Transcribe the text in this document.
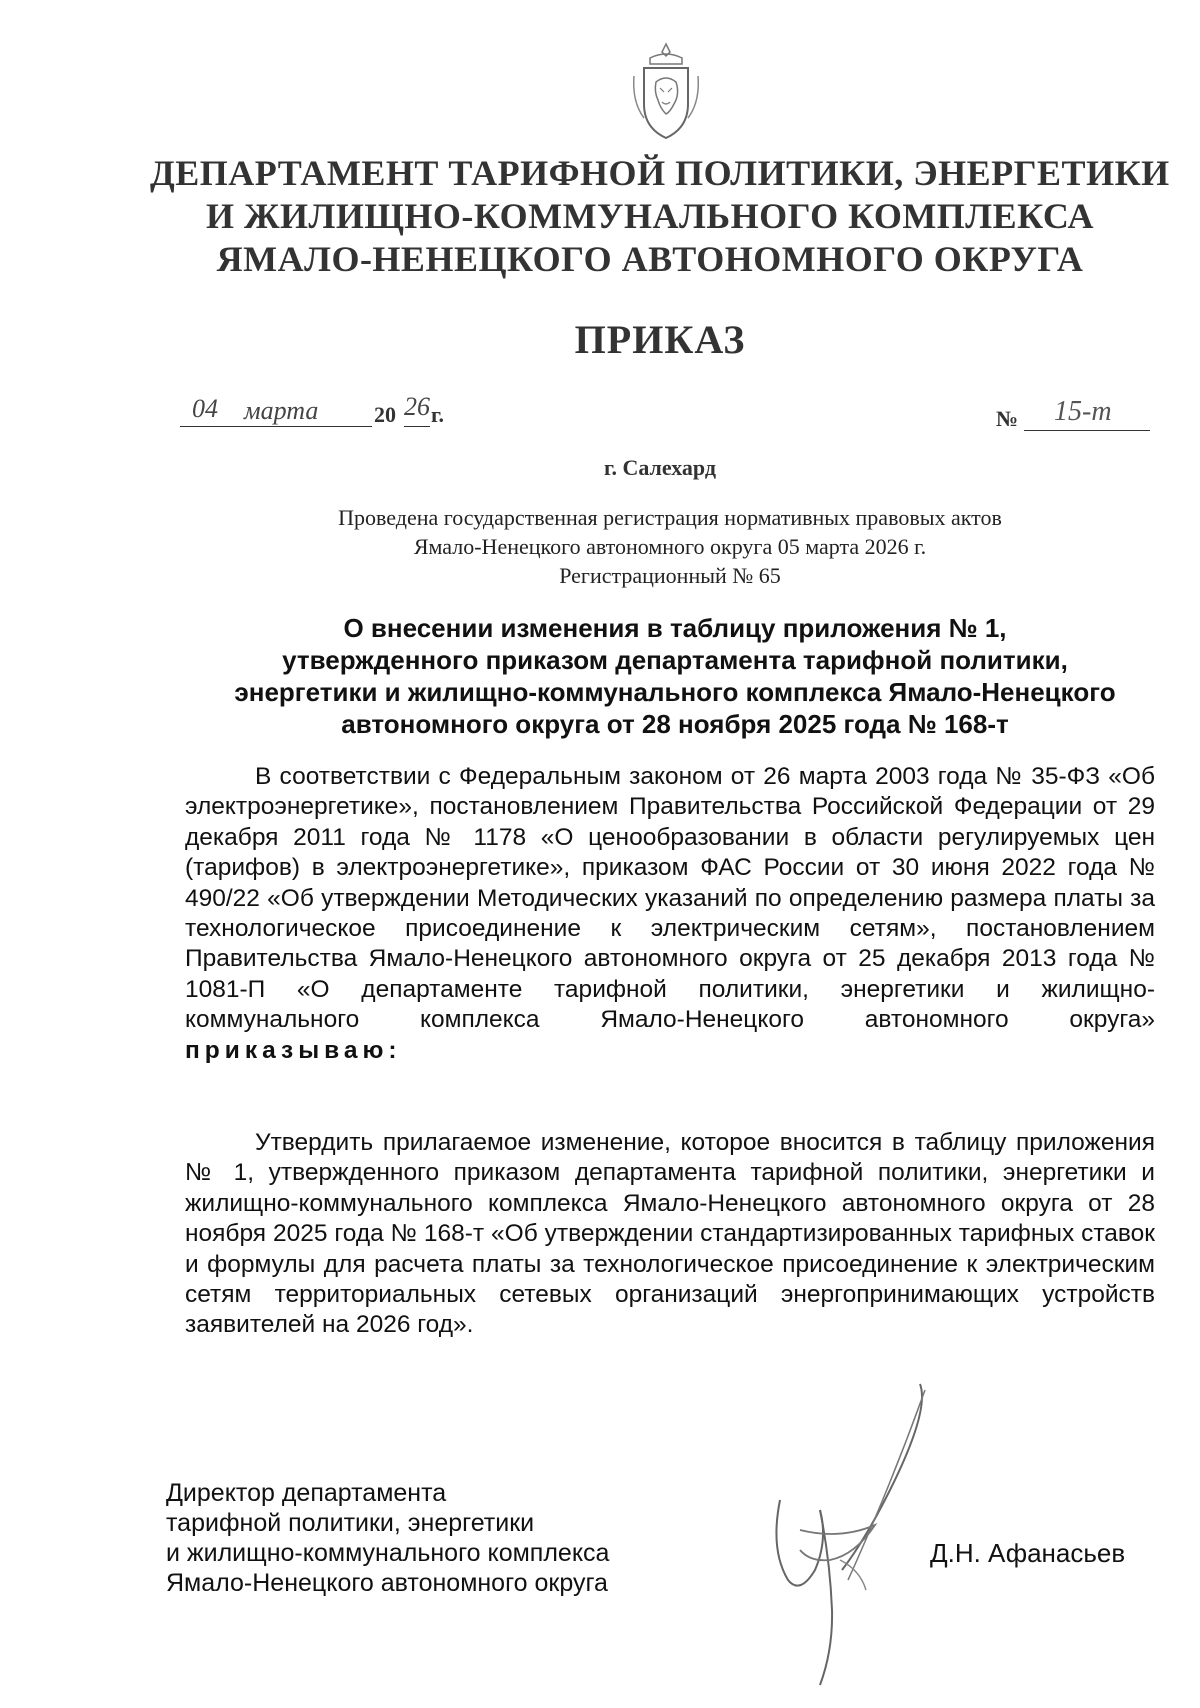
ДЕПАРТАМЕНТ ТАРИФНОЙ ПОЛИТИКИ, ЭНЕРГЕТИКИ
И ЖИЛИЩНО-КОММУНАЛЬНОГО КОМПЛЕКСА
ЯМАЛО-НЕНЕЦКОГО АВТОНОМНОГО ОКРУГА
ПРИКАЗ
04 марта	20 26 г.	№ 15-т
г. Салехард
Проведена государственная регистрация нормативных правовых актов
Ямало-Ненецкого автономного округа 05 марта 2026 г.
Регистрационный № 65
О внесении изменения в таблицу приложения № 1,
утвержденного приказом департамента тарифной политики,
энергетики и жилищно-коммунального комплекса Ямало-Ненецкого
автономного округа от 28 ноября 2025 года № 168-т
В соответствии с Федеральным законом от 26 марта 2003 года № 35-ФЗ «Об электроэнергетике», постановлением Правительства Российской Федерации от 29 декабря 2011 года № 1178 «О ценообразовании в области регулируемых цен (тарифов) в электроэнергетике», приказом ФАС России от 30 июня 2022 года № 490/22 «Об утверждении Методических указаний по определению размера платы за технологическое присоединение к электрическим сетям», постановлением Правительства Ямало-Ненецкого автономного округа от 25 декабря 2013 года № 1081-П «О департаменте тарифной политики, энергетики и жилищно-коммунального комплекса Ямало-Ненецкого автономного округа» приказываю:
Утвердить прилагаемое изменение, которое вносится в таблицу приложения № 1, утвержденного приказом департамента тарифной политики, энергетики и жилищно-коммунального комплекса Ямало-Ненецкого автономного округа от 28 ноября 2025 года № 168-т «Об утверждении стандартизированных тарифных ставок и формулы для расчета платы за технологическое присоединение к электрическим сетям территориальных сетевых организаций энергопринимающих устройств заявителей на 2026 год».
Директор департамента
тарифной политики, энергетики
и жилищно-коммунального комплекса
Ямало-Ненецкого автономного округа
Д.Н. Афанасьев
